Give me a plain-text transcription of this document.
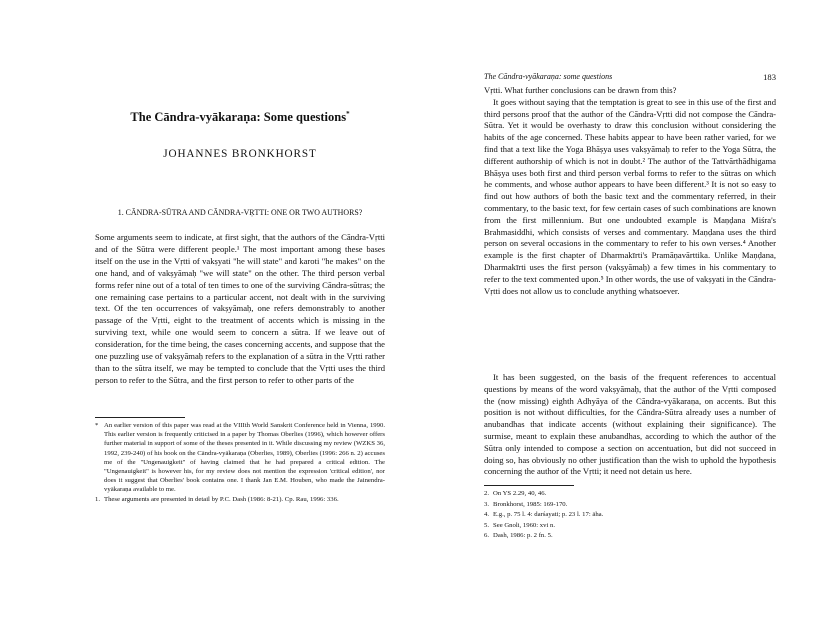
The Cāndra-vyākaraṇa: Some questions*
JOHANNES BRONKHORST
1. CĀNDRA-SŪTRA AND CĀNDRA-VṚTTI: ONE OR TWO AUTHORS?

Some arguments seem to indicate, at first sight, that the authors of the Cāndra-Vṛtti and of the Sūtra were different people.¹ The most important among these bases itself on the use in the Vṛtti of vakṣyati "he will state" and karoti "he makes" on the one hand, and of vakṣyāmaḥ "we will state" on the other. The third person verbal forms refer nine out of a total of ten times to one of the surviving Cāndra-sūtras; the one remaining case pertains to a particular accent, not dealt with in the surviving text. Of the ten occurrences of vakṣyāmaḥ, one refers demonstrably to another passage of the Vṛtti, eight to the treatment of accents which is missing in the surviving text, while one would seem to concern a sūtra. If we leave out of consideration, for the time being, the cases concerning accents, and suppose that the one puzzling use of vakṣyāmaḥ refers to the explanation of a sūtra in the Vṛtti rather than to the sūtra itself, we may be tempted to conclude that the Vṛtti uses the third person to refer to the Sūtra, and the first person to refer to other parts of the

* An earlier version of this paper was read at the VIIIth World Sanskrit Conference held in Vienna, 1990. This earlier version is frequently criticised in a paper by Thomas Oberlies (1996), which however offers further material in support of some of the theses presented in it. While discussing my review (WZKS 36, 1992, 239-240) of his book on the Cāndra-vyākaraṇa (Oberlies, 1989), Oberlies (1996: 266 n. 2) accuses me of the "Ungenauigkeit" of having claimed that he had prepared a critical edition. The "Ungenauigkeit" is however his, for my review does not mention the expression 'critical edition', nor does it suggest that Oberlies' book contains one. I thank Jan E.M. Houben, who made the Jainendra-vyākaraṇa available to me.
1. These arguments are presented in detail by P.C. Dash (1986: 8-21). Cp. Rau, 1996: 336.
The Cāndra-vyākaraṇa: some questions	183

Vṛtti. What further conclusions can be drawn from this?

It goes without saying that the temptation is great to see in this use of the first and third persons proof that the author of the Cāndra-Vṛtti did not compose the Cāndra-Sūtra. Yet it would be overhasty to draw this conclusion without considering the habits of the age concerned. These habits appear to have been rather varied, for we find that a text like the Yoga Bhāṣya uses vakṣyāmaḥ to refer to the Yoga Sūtra, the different authorship of which is not in doubt.² The author of the Tattvārthādhigama Bhāṣya uses both first and third person verbal forms to refer to the sūtras on which he comments, and whose author appears to have been different.³ It is not so easy to find out how authors of both the basic text and the commentary referred, in their commentary, to the basic text, for few certain cases of such combinations are known from the first millennium. But one undoubted example is Maṇḍana Miśra's Brahmasiddhi, which consists of verses and commentary. Maṇḍana uses the third person on several occasions in the commentary to refer to his own verses.⁴ Another example is the first chapter of Dharmakīrti's Pramāṇavārttika. Unlike Maṇḍana, Dharmakīrti uses the first person (vakṣyāmaḥ) a few times in his commentary to refer to the text commented upon.⁵ In other words, the use of vakṣyati in the Cāndra-Vṛtti does not allow us to conclude anything whatsoever.

It has been suggested, on the basis of the frequent references to accentual questions by means of the word vakṣyāmaḥ, that the author of the Vṛtti composed the (now missing) eighth Adhyāya of the Cāndra-vyākaraṇa, on accents. But this position is not without difficulties, for the Cāndra-Sūtra already uses a number of anubandhas that indicate accents (without explaining their significance). The surmise, meant to explain these anubandhas, according to which the author of the Sūtra only intended to compose a section on accentuation, but did not succeed in doing so, has obviously no other justification than the wish to uphold the hypothesis concerning the author of the Vṛtti; it need not detain us here.

2. On YS 2.29, 40, 46.
3. Bronkhorst, 1985: 169-170.
4. E.g., p. 75 l. 4: darśayati; p. 23 l. 17: āha.
5. See Gnoli, 1960: xvi n.
6. Dash, 1986: p. 2 fn. 5.
